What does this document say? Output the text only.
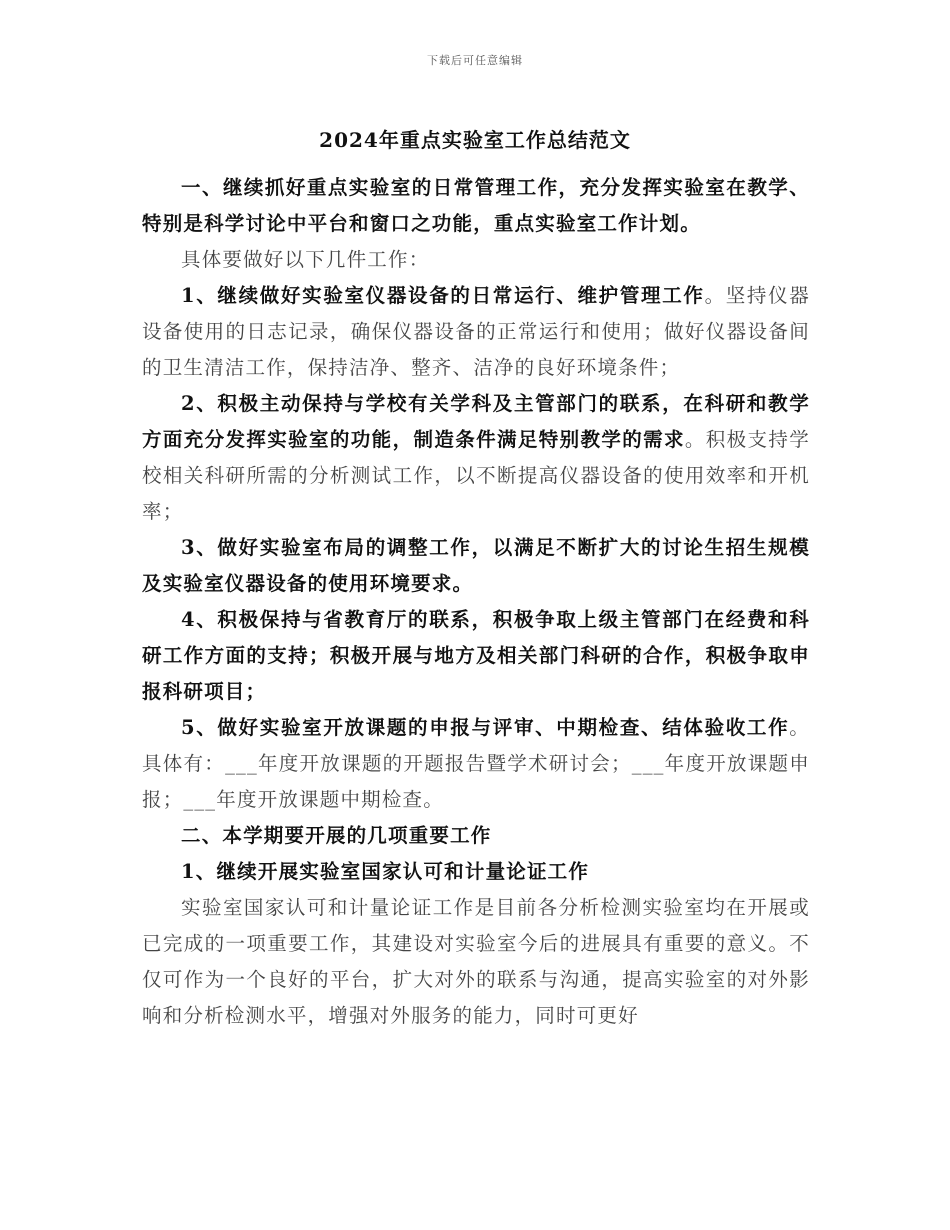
下载后可任意编辑
2024年重点实验室工作总结范文

一、继续抓好重点实验室的日常管理工作，充分发挥实验室在教学、特别是科学讨论中平台和窗口之功能，重点实验室工作计划。

具体要做好以下几件工作：

1、继续做好实验室仪器设备的日常运行、维护管理工作。坚持仪器设备使用的日志记录，确保仪器设备的正常运行和使用；做好仪器设备间的卫生清洁工作，保持洁净、整齐、洁净的良好环境条件；

2、积极主动保持与学校有关学科及主管部门的联系，在科研和教学方面充分发挥实验室的功能，制造条件满足特别教学的需求。积极支持学校相关科研所需的分析测试工作，以不断提高仪器设备的使用效率和开机率；

3、做好实验室布局的调整工作，以满足不断扩大的讨论生招生规模及实验室仪器设备的使用环境要求。

4、积极保持与省教育厅的联系，积极争取上级主管部门在经费和科研工作方面的支持；积极开展与地方及相关部门科研的合作，积极争取申报科研项目；

5、做好实验室开放课题的申报与评审、中期检查、结体验收工作。具体有：___年度开放课题的开题报告暨学术研讨会；___年度开放课题申报；___年度开放课题中期检查。

二、本学期要开展的几项重要工作

1、继续开展实验室国家认可和计量论证工作

实验室国家认可和计量论证工作是目前各分析检测实验室均在开展或已完成的一项重要工作，其建设对实验室今后的进展具有重要的意义。不仅可作为一个良好的平台，扩大对外的联系与沟通，提高实验室的对外影响和分析检测水平，增强对外服务的能力，同时可更好
